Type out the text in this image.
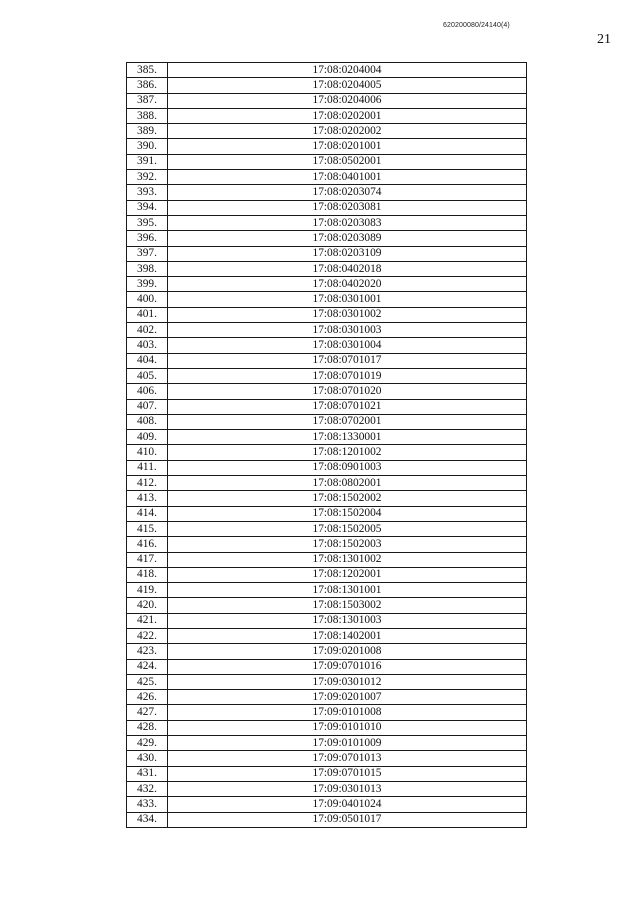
620200080/24140(4)
21
385.	17:08:0204004
386.	17:08:0204005
387.	17:08:0204006
388.	17:08:0202001
389.	17:08:0202002
390.	17:08:0201001
391.	17:08:0502001
392.	17:08:0401001
393.	17:08:0203074
394.	17:08:0203081
395.	17:08:0203083
396.	17:08:0203089
397.	17:08:0203109
398.	17:08:0402018
399.	17:08:0402020
400.	17:08:0301001
401.	17:08:0301002
402.	17:08:0301003
403.	17:08:0301004
404.	17:08:0701017
405.	17:08:0701019
406.	17:08:0701020
407.	17:08:0701021
408.	17:08:0702001
409.	17:08:1330001
410.	17:08:1201002
411.	17:08:0901003
412.	17:08:0802001
413.	17:08:1502002
414.	17:08:1502004
415.	17:08:1502005
416.	17:08:1502003
417.	17:08:1301002
418.	17:08:1202001
419.	17:08:1301001
420.	17:08:1503002
421.	17:08:1301003
422.	17:08:1402001
423.	17:09:0201008
424.	17:09:0701016
425.	17:09:0301012
426.	17:09:0201007
427.	17:09:0101008
428.	17:09:0101010
429.	17:09:0101009
430.	17:09:0701013
431.	17:09:0701015
432.	17:09:0301013
433.	17:09:0401024
434.	17:09:0501017
